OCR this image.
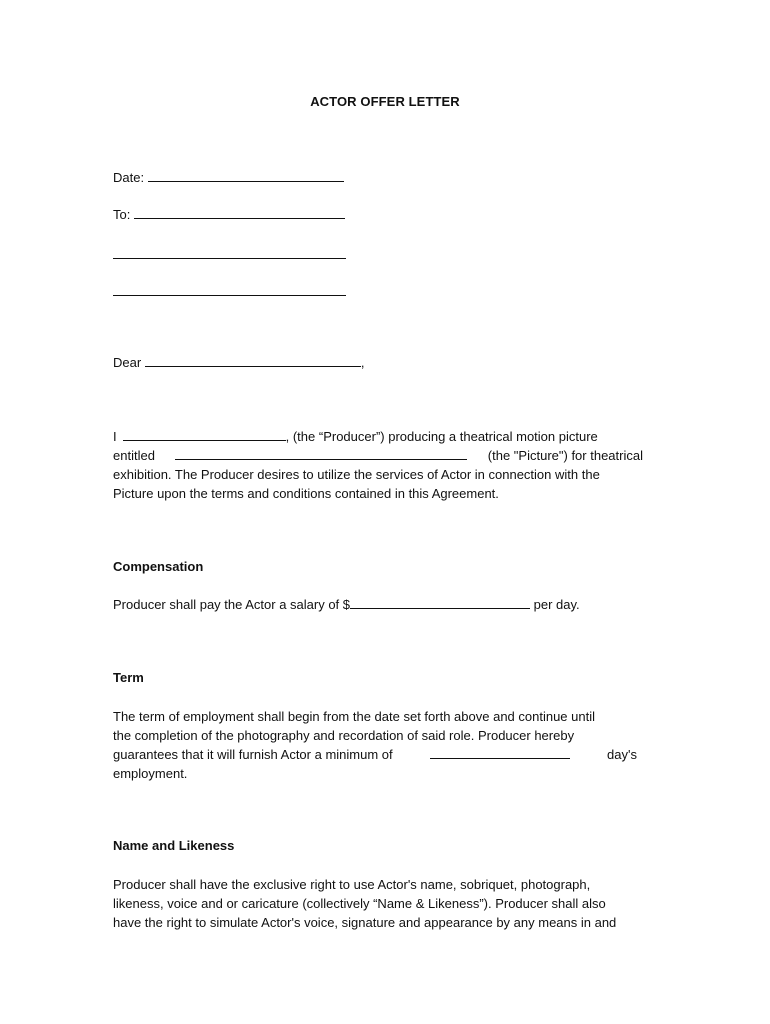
ACTOR OFFER LETTER
Date:
To:
Dear	,
I	, (the “Producer”) producing a theatrical motion picture
entitled	(the "Picture") for theatrical
exhibition. The Producer desires to utilize the services of Actor in connection with the
Picture upon the terms and conditions contained in this Agreement.
Compensation
Producer shall pay the Actor a salary of $	per day.
Term
The term of employment shall begin from the date set forth above and continue until
the completion of the photography and recordation of said role. Producer hereby
guarantees that it will furnish Actor a minimum of	day's
employment.
Name and Likeness
Producer shall have the exclusive right to use Actor's name, sobriquet, photograph,
likeness, voice and or caricature (collectively “Name & Likeness”). Producer shall also
have the right to simulate Actor's voice, signature and appearance by any means in and
